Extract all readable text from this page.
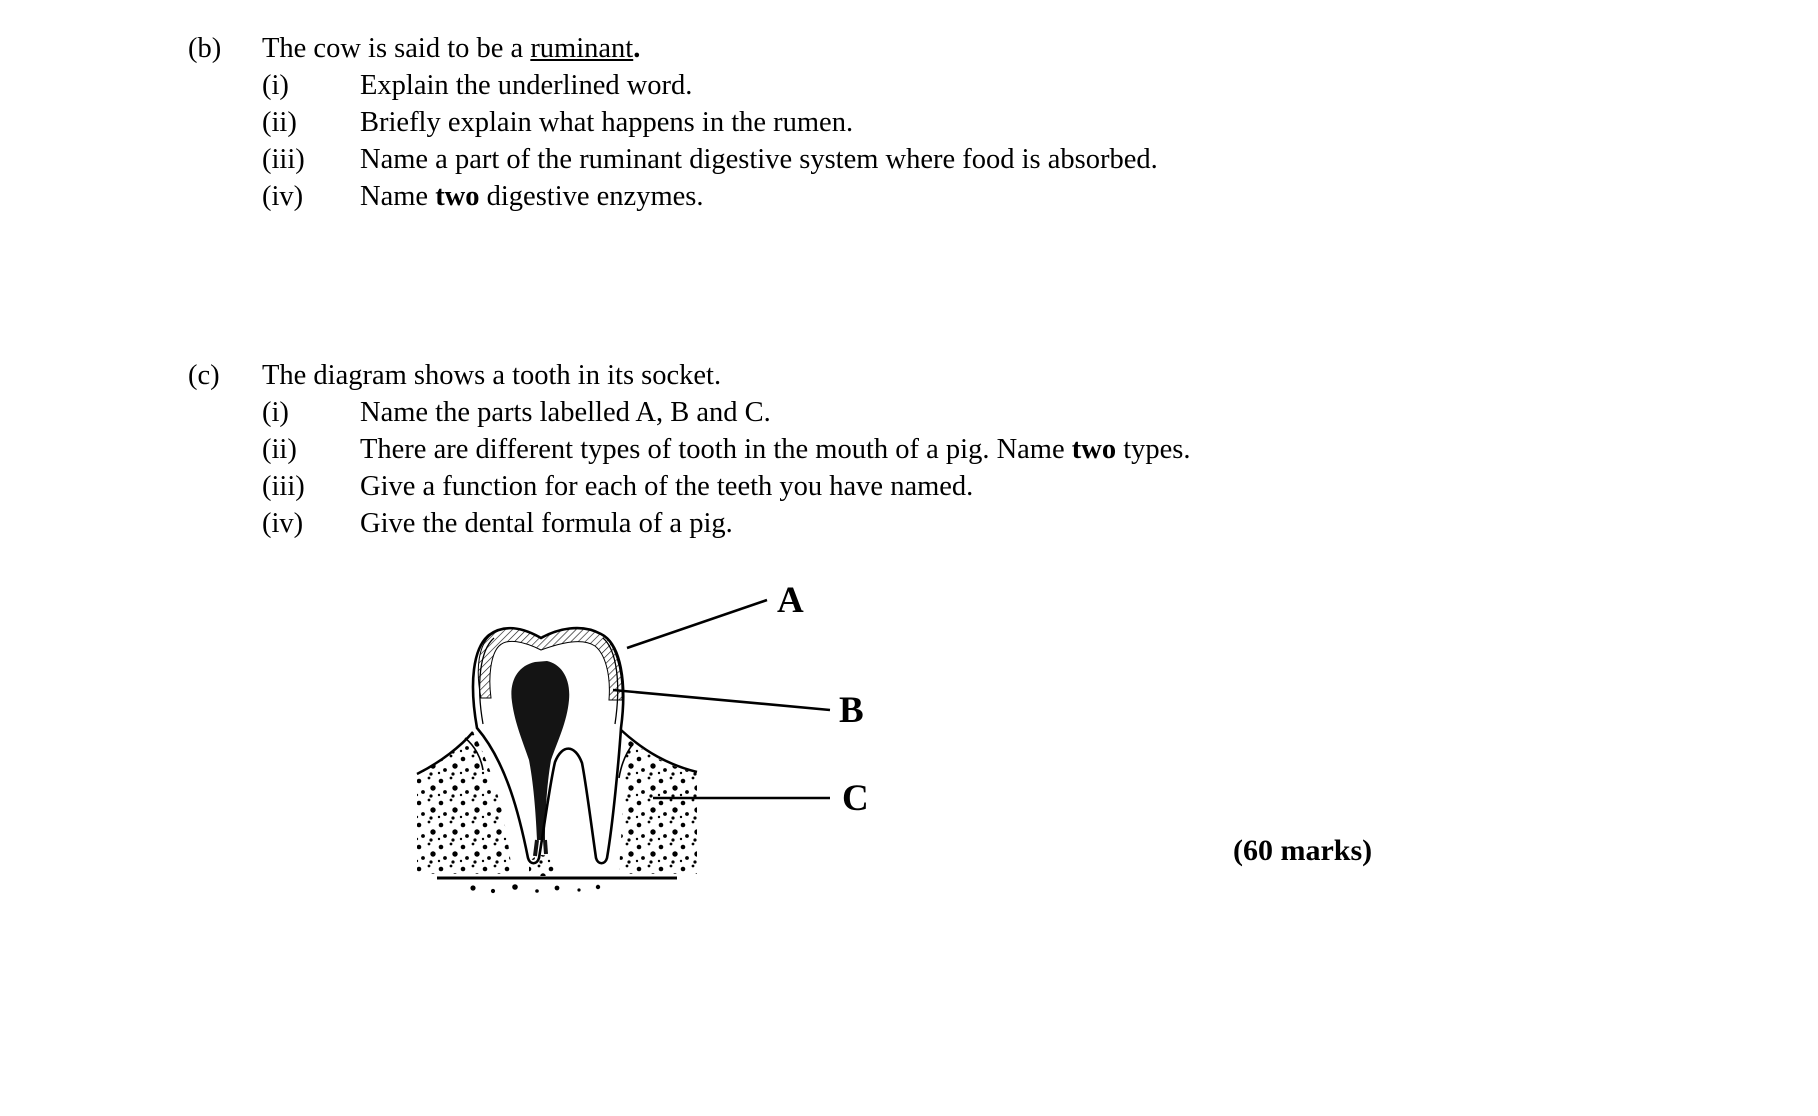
(b)	The cow is said to be a ruminant.
(i)	Explain the underlined word.
(ii)	Briefly explain what happens in the rumen.
(iii)	Name a part of the ruminant digestive system where food is absorbed.
(iv)	Name two digestive enzymes.
(c)	The diagram shows a tooth in its socket.
(i)	Name the parts labelled A, B and C.
(ii)	There are different types of tooth in the mouth of a pig. Name two types.
(iii)	Give a function for each of the teeth you have named.
(iv)	Give the dental formula of a pig.
A
B
C
(60 marks)
